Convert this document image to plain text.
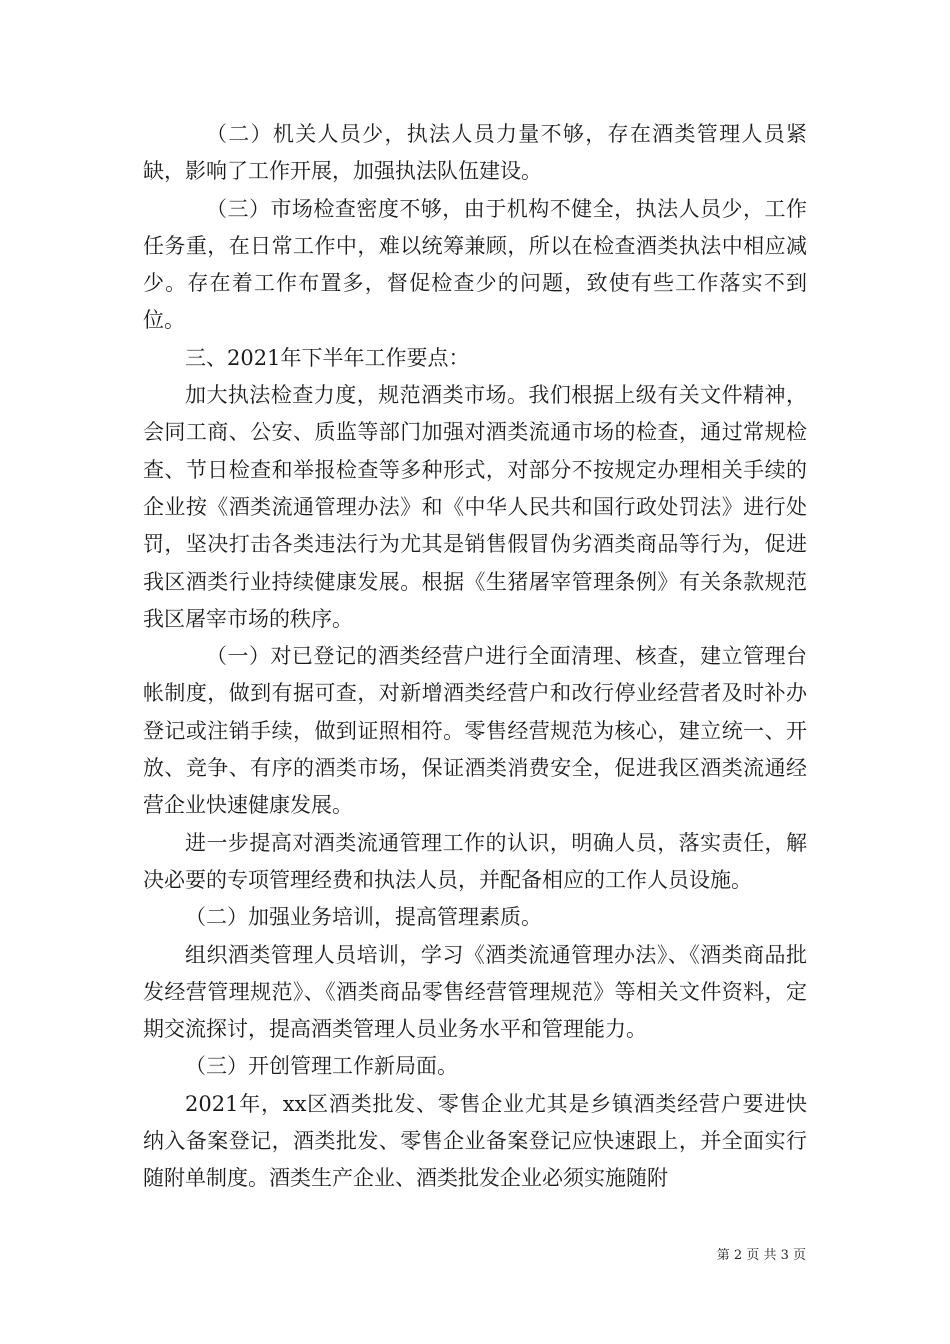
（二）机关人员少，执法人员力量不够，存在酒类管理人员紧缺，影响了工作开展，加强执法队伍建设。

（三）市场检查密度不够，由于机构不健全，执法人员少，工作任务重，在日常工作中，难以统筹兼顾，所以在检查酒类执法中相应减少。存在着工作布置多，督促检查少的问题，致使有些工作落实不到位。

三、2021年下半年工作要点：

加大执法检查力度，规范酒类市场。我们根据上级有关文件精神，会同工商、公安、质监等部门加强对酒类流通市场的检查，通过常规检查、节日检查和举报检查等多种形式，对部分不按规定办理相关手续的企业按《酒类流通管理办法》和《中华人民共和国行政处罚法》进行处罚，坚决打击各类违法行为尤其是销售假冒伪劣酒类商品等行为，促进我区酒类行业持续健康发展。根据《生猪屠宰管理条例》有关条款规范我区屠宰市场的秩序。

（一）对已登记的酒类经营户进行全面清理、核查，建立管理台帐制度，做到有据可查，对新增酒类经营户和改行停业经营者及时补办登记或注销手续，做到证照相符。零售经营规范为核心，建立统一、开放、竞争、有序的酒类市场，保证酒类消费安全，促进我区酒类流通经营企业快速健康发展。

进一步提高对酒类流通管理工作的认识，明确人员，落实责任，解决必要的专项管理经费和执法人员，并配备相应的工作人员设施。

（二）加强业务培训，提高管理素质。

组织酒类管理人员培训，学习《酒类流通管理办法》、《酒类商品批发经营管理规范》、《酒类商品零售经营管理规范》等相关文件资料，定期交流探讨，提高酒类管理人员业务水平和管理能力。

（三）开创管理工作新局面。

2021年，xx区酒类批发、零售企业尤其是乡镇酒类经营户要进快纳入备案登记，酒类批发、零售企业备案登记应快速跟上，并全面实行随附单制度。酒类生产企业、酒类批发企业必须实施随附

第 2 页 共 3 页
